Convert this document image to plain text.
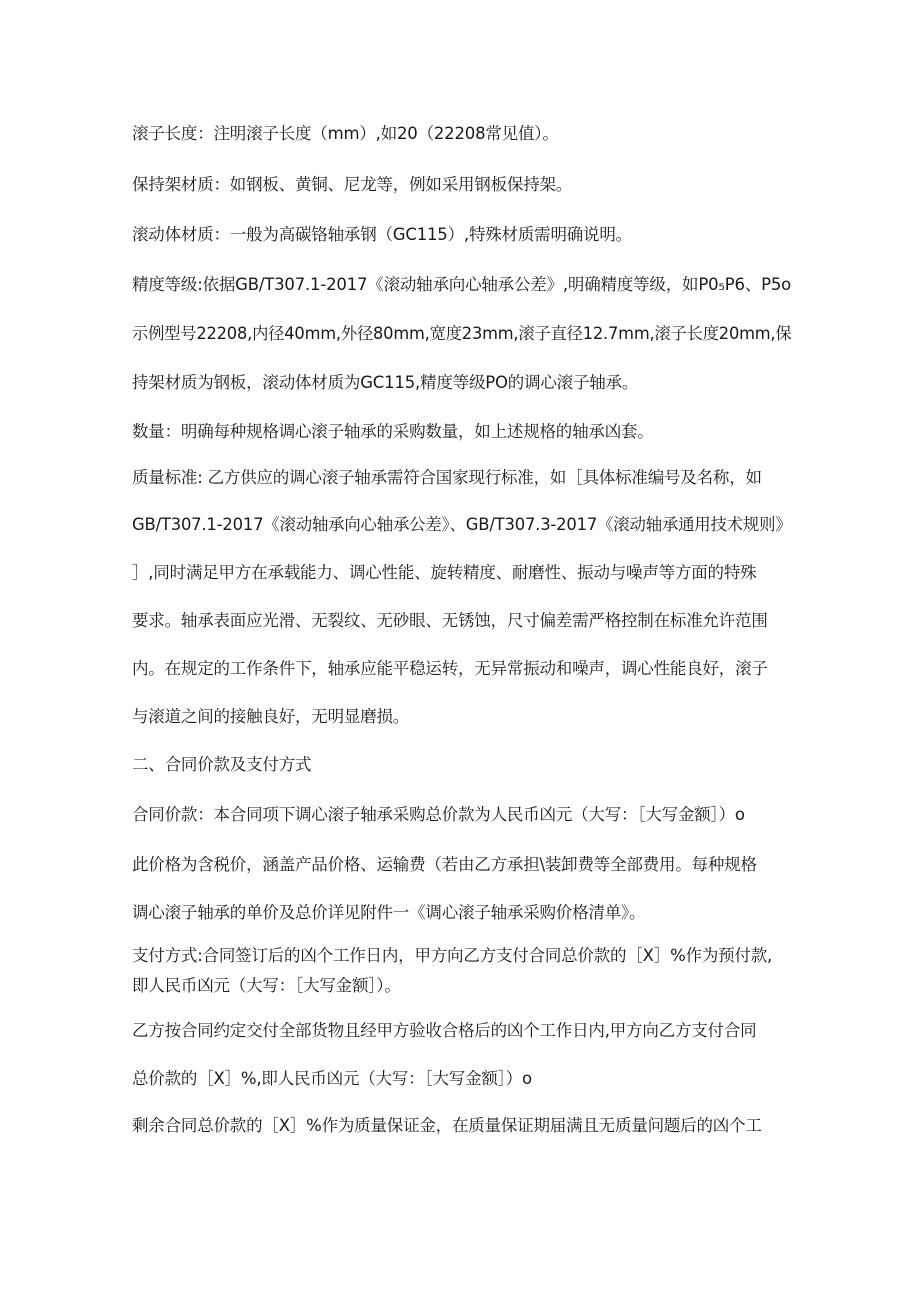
滚子长度：注明滚子长度（mm）,如20（22208常见值）。
保持架材质：如钢板、黄铜、尼龙等，例如采用钢板保持架。
滚动体材质：一般为高碳铬轴承钢（GC115）,特殊材质需明确说明。
精度等级:依据GB/T307.1-2017《滚动轴承向心轴承公差》,明确精度等级，如P0₅P6、P5o
示例型号22208,内径40mm,外径80mm,宽度23mm,滚子直径12.7mm,滚子长度20mm,保
持架材质为钢板，滚动体材质为GC115,精度等级PO的调心滚子轴承。
数量：明确每种规格调心滚子轴承的采购数量，如上述规格的轴承凶套。
质量标准: 乙方供应的调心滚子轴承需符合国家现行标准，如［具体标准编号及名称，如
GB/T307.1-2017《滚动轴承向心轴承公差》、GB/T307.3-2017《滚动轴承通用技术规则》
］,同时满足甲方在承载能力、调心性能、旋转精度、耐磨性、振动与噪声等方面的特殊
要求。轴承表面应光滑、无裂纹、无砂眼、无锈蚀，尺寸偏差需严格控制在标准允许范围
内。在规定的工作条件下，轴承应能平稳运转，无异常振动和噪声，调心性能良好，滚子
与滚道之间的接触良好，无明显磨损。
二、合同价款及支付方式
合同价款：本合同项下调心滚子轴承采购总价款为人民币凶元（大写：［大写金额］）o
此价格为含税价，涵盖产品价格、运输费（若由乙方承担\装卸费等全部费用。每种规格
调心滚子轴承的单价及总价详见附件一《调心滚子轴承采购价格清单》。
支付方式:合同签订后的凶个工作日内，甲方向乙方支付合同总价款的［X］%作为预付款,
即人民币凶元（大写：［大写金额］）。
乙方按合同约定交付全部货物且经甲方验收合格后的凶个工作日内,甲方向乙方支付合同
总价款的［X］%,即人民币凶元（大写：［大写金额］）o
剩余合同总价款的［X］%作为质量保证金，在质量保证期届满且无质量问题后的凶个工
